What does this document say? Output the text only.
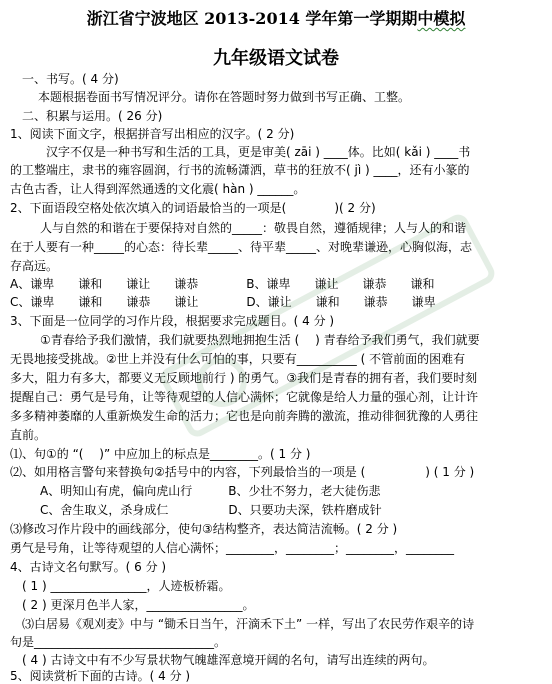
浙江省宁波地区 2013-2014 学年第一学期期中模拟
九年级语文试卷
一、书写。( 4 分)
本题根据卷面书写情况评分。请你在答题时努力做到书写正确、工整。
二、积累与运用。( 26 分)
1、阅读下面文字，根据拼音写出相应的汉字。( 2 分)
汉字不仅是一种书写和生活的工具，更是审美( zāi ) ____体。比如( kǎi ) ____书
的工整端庄，隶书的雍容圆润，行书的流畅潇洒，草书的狂放不( jì ) ____，还有小篆的
古色古香，让人得到浑然通透的文化震( hàn ) ______。
2、下面语段空格处依次填入的词语最恰当的一项是(　　　　)( 2 分)
人与自然的和谐在于要保持对自然的_____：敬畏自然，遵循规律；人与人的和谐
在于人要有一种_____的心态：待长辈_____、待平辈_____、对晚辈谦逊，心胸似海，志
存高远。
A、谦卑　　谦和　　谦让　　谦恭　　　　B、谦卑　　谦让　　谦恭　　谦和
C、谦卑　　谦和　　谦恭　　谦让　　　　D、谦让　　谦和　　谦恭　　谦卑
3、下面是一位同学的习作片段，根据要求完成题目。( 4 分 )
①青春给予我们激情，我们就要热烈地拥抱生活 (　 ) 青春给予我们勇气，我们就要
无畏地接受挑战。②世上并没有什么可怕的事，只要有__________ ( 不管前面的困难有
多大，阻力有多大，都要义无反顾地前行 ) 的勇气。③我们是青春的拥有者，我们要时刻
提醒自己：勇气是号角，让等待观望的人信心满怀；它就像是给人力量的强心剂，让计许
多多精神萎靡的人重新焕发生命的活力；它也是向前奔腾的激流，推动徘徊犹豫的人勇往
直前。
⑴、句①的 “(　 )” 中应加上的标点是________。( 1 分 )
⑵、如用格言警句来替换句②括号中的内容，下列最恰当的一项是 (　　　　　) ( 1 分 )
A、明知山有虎，偏向虎山行　　　B、少壮不努力，老大徒伤悲
C、舍生取义，杀身成仁　　　　　D、只要功夫深，铁杵磨成针
⑶修改习作片段中的画线部分，使句③结构整齐，表达简洁流畅。( 2 分 )
勇气是号角，让等待观望的人信心满怀；________，________；________，________
4、古诗文名句默写。( 6 分 )
( 1 ) ________________，人迹板桥霜。
( 2 ) 更深月色半人家，________________。
⑶白居易《观刈麦》中与 “锄禾日当午，汗滴禾下土” 一样，写出了农民劳作艰辛的诗
句是______________________________。
( 4 ) 古诗文中有不少写景状物气魄雄浑意境开阔的名句，请写出连续的两句。
5、阅读赏析下面的古诗。( 4 分 )
